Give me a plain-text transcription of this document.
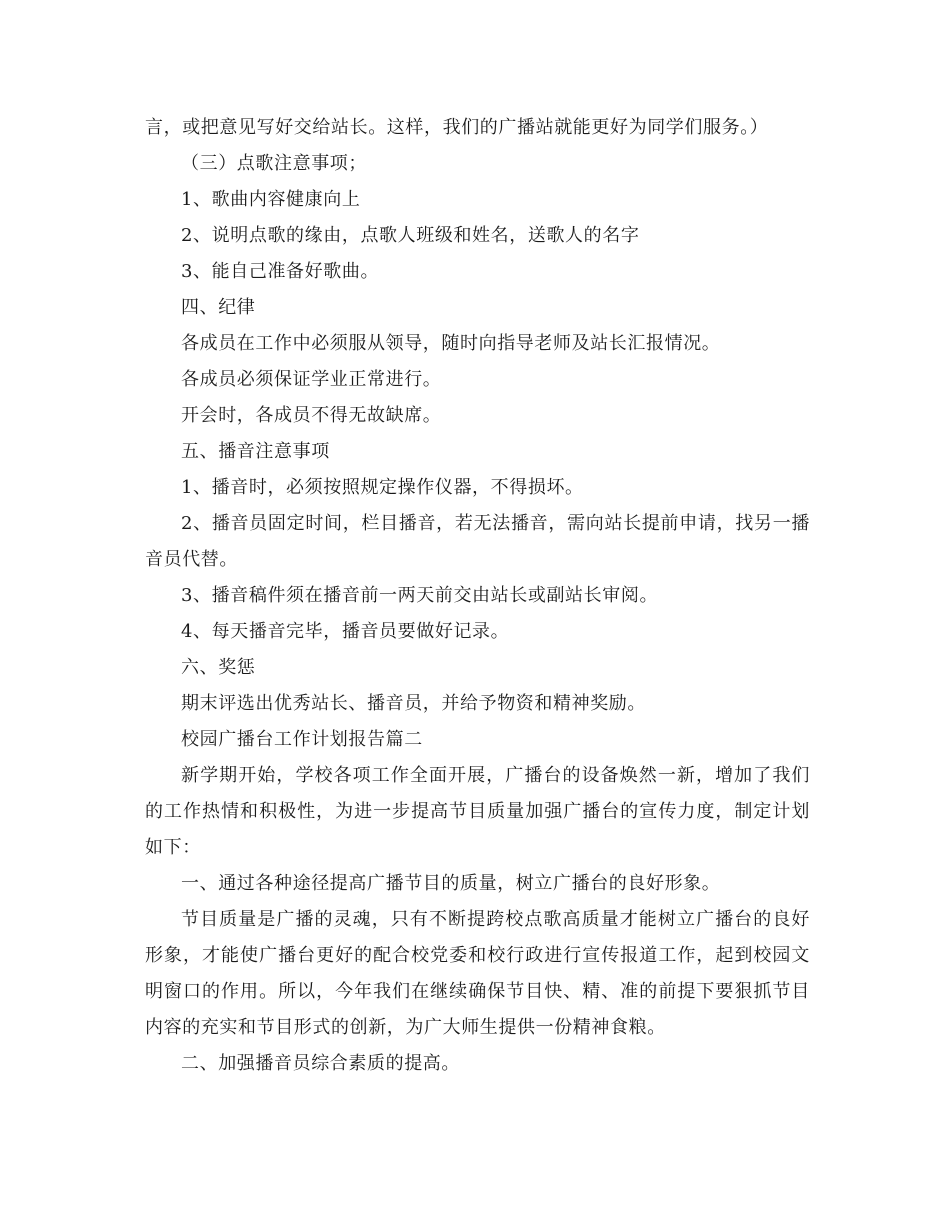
言，或把意见写好交给站长。这样，我们的广播站就能更好为同学们服务。）

（三）点歌注意事项；

1、歌曲内容健康向上

2、说明点歌的缘由，点歌人班级和姓名，送歌人的名字

3、能自己准备好歌曲。

四、纪律

各成员在工作中必须服从领导，随时向指导老师及站长汇报情况。

各成员必须保证学业正常进行。

开会时，各成员不得无故缺席。

五、播音注意事项

1、播音时，必须按照规定操作仪器，不得损坏。

2、播音员固定时间，栏目播音，若无法播音，需向站长提前申请，找另一播音员代替。

3、播音稿件须在播音前一两天前交由站长或副站长审阅。

4、每天播音完毕，播音员要做好记录。

六、奖惩

期末评选出优秀站长、播音员，并给予物资和精神奖励。

校园广播台工作计划报告篇二

新学期开始，学校各项工作全面开展，广播台的设备焕然一新，增加了我们的工作热情和积极性，为进一步提高节目质量加强广播台的宣传力度，制定计划如下：

一、通过各种途径提高广播节目的质量，树立广播台的良好形象。

节目质量是广播的灵魂，只有不断提跨校点歌高质量才能树立广播台的良好形象，才能使广播台更好的配合校党委和校行政进行宣传报道工作，起到校园文明窗口的作用。所以，今年我们在继续确保节目快、精、准的前提下要狠抓节目内容的充实和节目形式的创新，为广大师生提供一份精神食粮。

二、加强播音员综合素质的提高。
